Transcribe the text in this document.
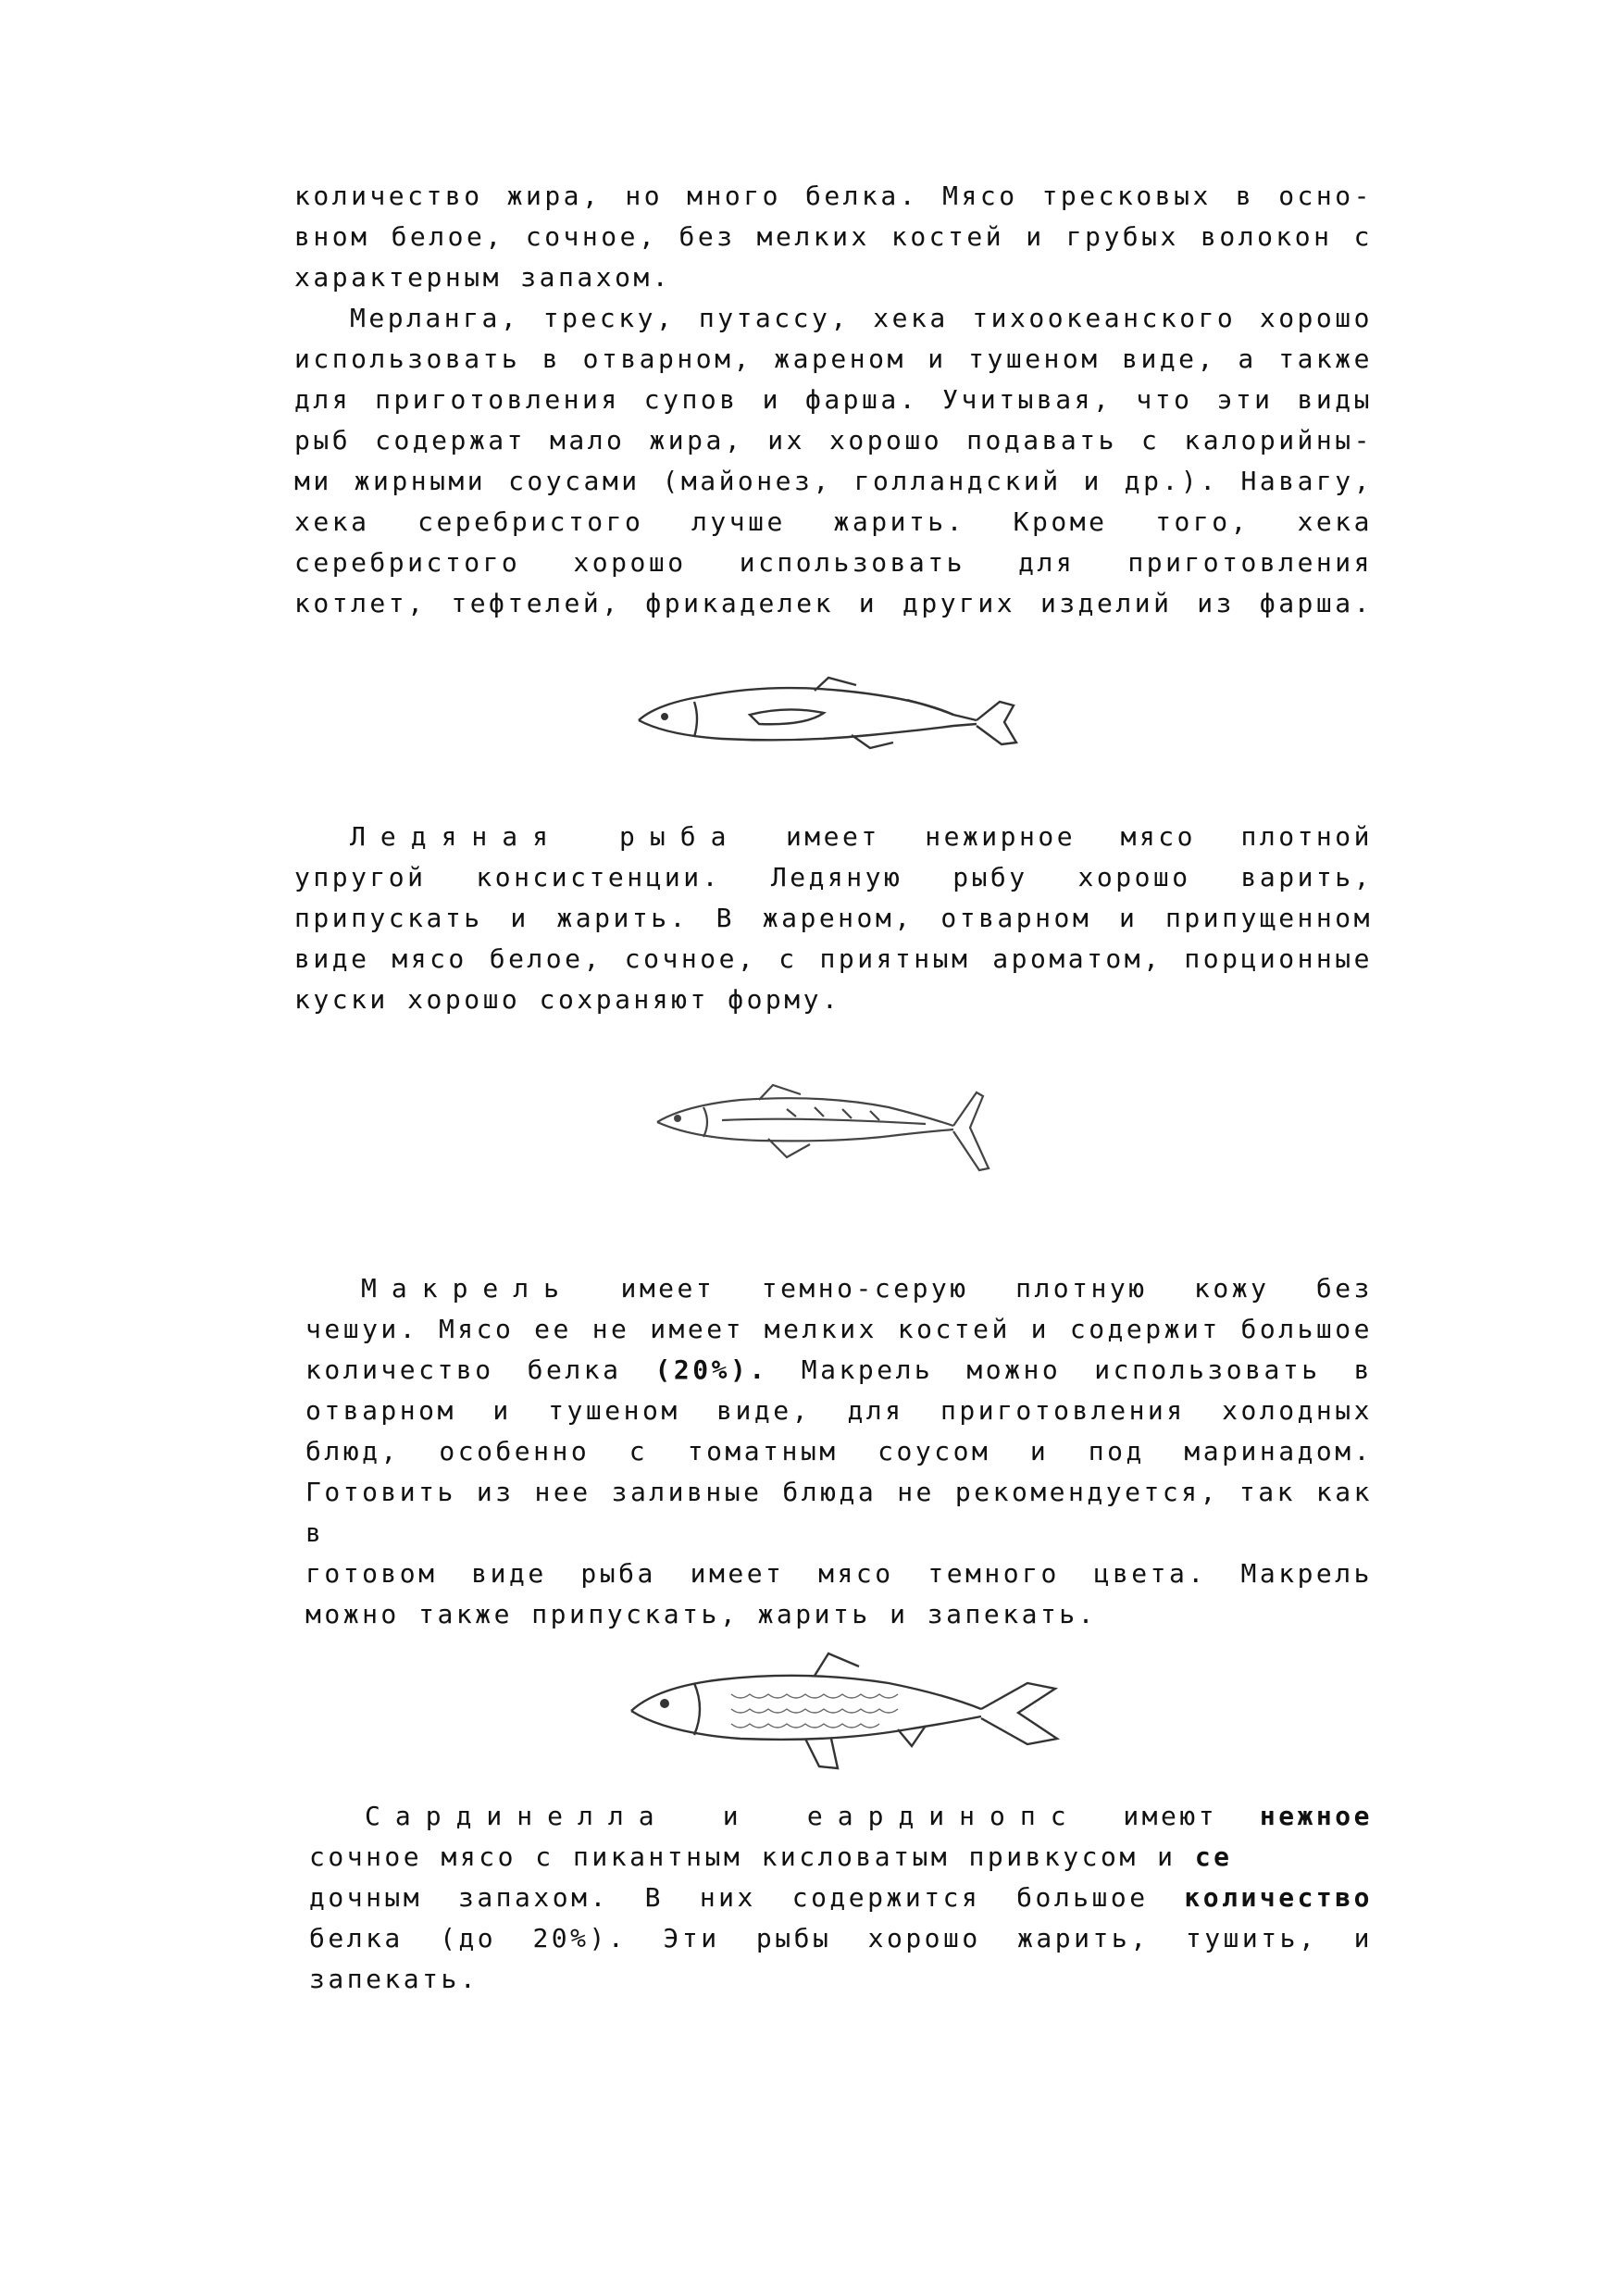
количество жира, но много белка. Мясо тресковых в осно-
вном белое, сочное, без мелких костей и грубых волокон с
характерным запахом.
Мерланга, треску, путассу, хека тихоокеанского хорошо
использовать в отварном, жареном и тушеном виде, а также
для приготовления супов и фарша. Учитывая, что эти виды
рыб содержат мало жира, их хорошо подавать с калорийны-
ми жирными соусами (майонез, голландский и др.). Навагу,
хека серебристого лучше жарить. Кроме того, хека
серебристого хорошо использовать для приготовления
котлет, тефтелей, фрикаделек и других изделий из фарша.
Ледяная рыба имеет нежирное мясо плотной
упругой консистенции. Ледяную рыбу хорошо варить,
припускать и жарить. В жареном, отварном и припущенном
виде мясо белое, сочное, с приятным ароматом, порционные
куски хорошо сохраняют форму.
Макрель имеет темно-серую плотную кожу без
чешуи. Мясо ее не имеет мелких костей и содержит большое
количество белка (20%). Макрель можно использовать в
отварном и тушеном виде, для приготовления холодных
блюд, особенно с томатным соусом и под маринадом.
Готовить из нее заливные блюда не рекомендуется, так как в
готовом виде рыба имеет мясо темного цвета. Макрель
можно также припускать, жарить и запекать.
Сардинелла и еардинопс имеют нежное
сочное мясо с пикантным кисловатым привкусом и се
дочным запахом. В них содержится большое количество
белка (до 20%). Эти рыбы хорошо жарить, тушить, и
запекать.
